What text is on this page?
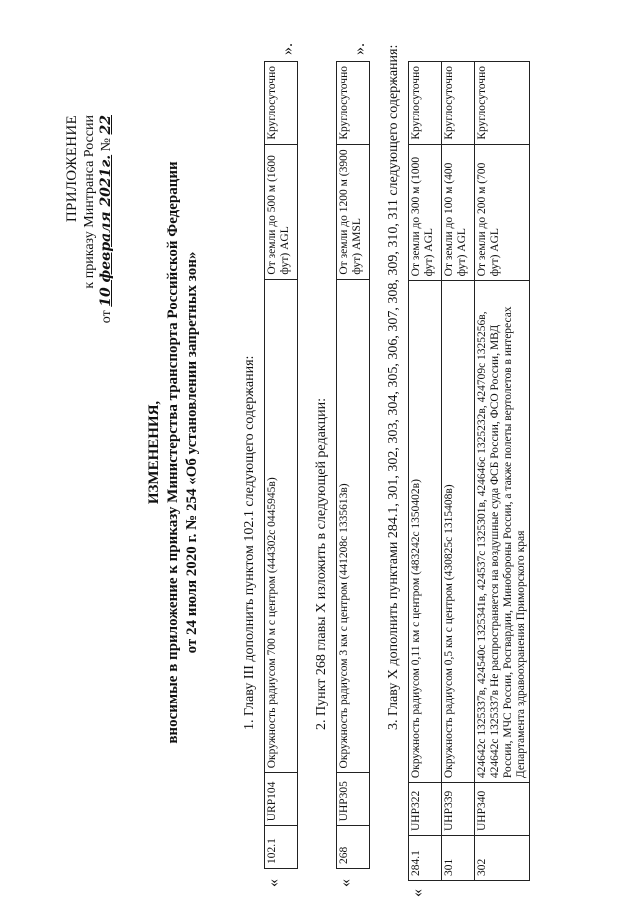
ПРИЛОЖЕНИЕ к приказу Минтранса России
от 10 февраля 2021г. № 22
ИЗМЕНЕНИЯ, вносимые в приложение к приказу Министерства транспорта Российской Федерации от 24 июля 2020 г. № 254 «Об установлении запретных зон»	1. Главу III дополнить пунктом 102.1 следующего содержания:
«
102.1	URP104	Окружность радиусом 700 м с центром (444302с 0445945в)	От земли до 500 м (1600 фут) AGL	Круглосуточно
».
2. Пункт 268 главы X изложить в следующей редакции:
«
268	UHP305	Окружность радиусом 3 км с центром (441208с 1335613в)	От земли до 1200 м (3900 фут) AMSL	Круглосуточно
». 3. Главу X дополнить пунктами 284.1, 301, 302, 303, 304, 305, 306, 307, 308, 309, 310, 311 следующего содержания:
«
284.1	UHP322	Окружность радиусом 0,11 км с центром (483242с 1350402в)	От земли до 300 м (1000 фут) AGL	Круглосуточно
301	UHP339	Окружность радиусом 0,5 км с центром (430825с 1315408в)	От земли до 100 м (400 фут) AGL	Круглосуточно
302	UHP340	424642с 1325337в, 424540с 1325341в, 424537с 1325301в, 424646с 1325232в, 424709с 1325256в, 424642с 1325337в Не распространяется на воздушные суда ФСБ России, ФСО России, МВД России, МЧС России, Росгвардии, Минобороны России, а также полеты вертолетов в интересах Департамента здравоохранения Приморского края	От земли до 200 м (700 фут) AGL	Круглосуточно
